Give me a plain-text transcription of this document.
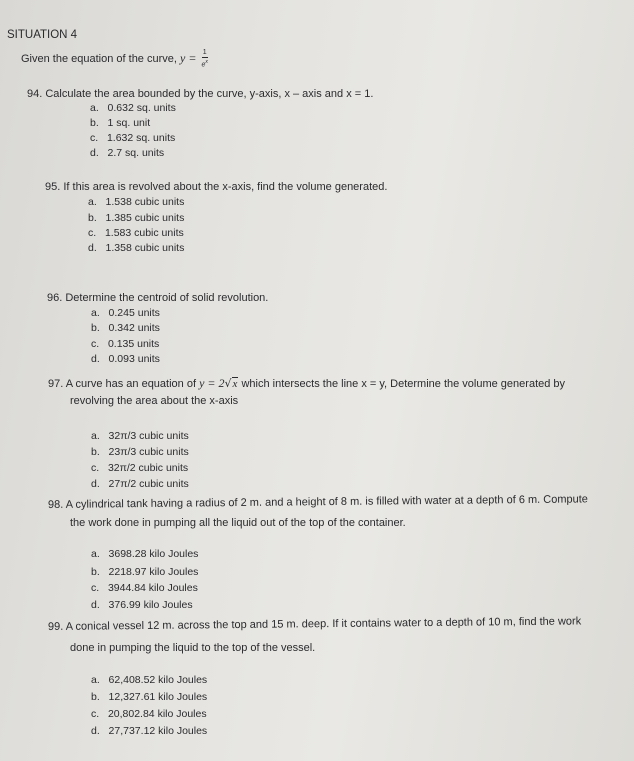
SITUATION 4
Given the equation of the curve, $y = \frac{1}{e^x}$
94. Calculate the area bounded by the curve, y-axis, x – axis and x = 1.
a. 0.632 sq. units
b. 1 sq. unit
c. 1.632 sq. units
d. 2.7 sq. units
95. If this area is revolved about the x-axis, find the volume generated.
a. 1.538 cubic units
b. 1.385 cubic units
c. 1.583 cubic units
d. 1.358 cubic units
96. Determine the centroid of solid revolution.
a. 0.245 units
b. 0.342 units
c. 0.135 units
d. 0.093 units
97. A curve has an equation of y = 2√x which intersects the line x = y, Determine the volume generated by
revolving the area about the x-axis
a. 32π/3 cubic units
b. 23π/3 cubic units
c. 32π/2 cubic units
d. 27π/2 cubic units
98. A cylindrical tank having a radius of 2 m. and a height of 8 m. is filled with water at a depth of 6 m. Compute
the work done in pumping all the liquid out of the top of the container.
a. 3698.28 kilo Joules
b. 2218.97 kilo Joules
c. 3944.84 kilo Joules
d. 376.99 kilo Joules
99. A conical vessel 12 m. across the top and 15 m. deep. If it contains water to a depth of 10 m, find the work
done in pumping the liquid to the top of the vessel.
a. 62,408.52 kilo Joules
b. 12,327.61 kilo Joules
c. 20,802.84 kilo Joules
d. 27,737.12 kilo Joules
